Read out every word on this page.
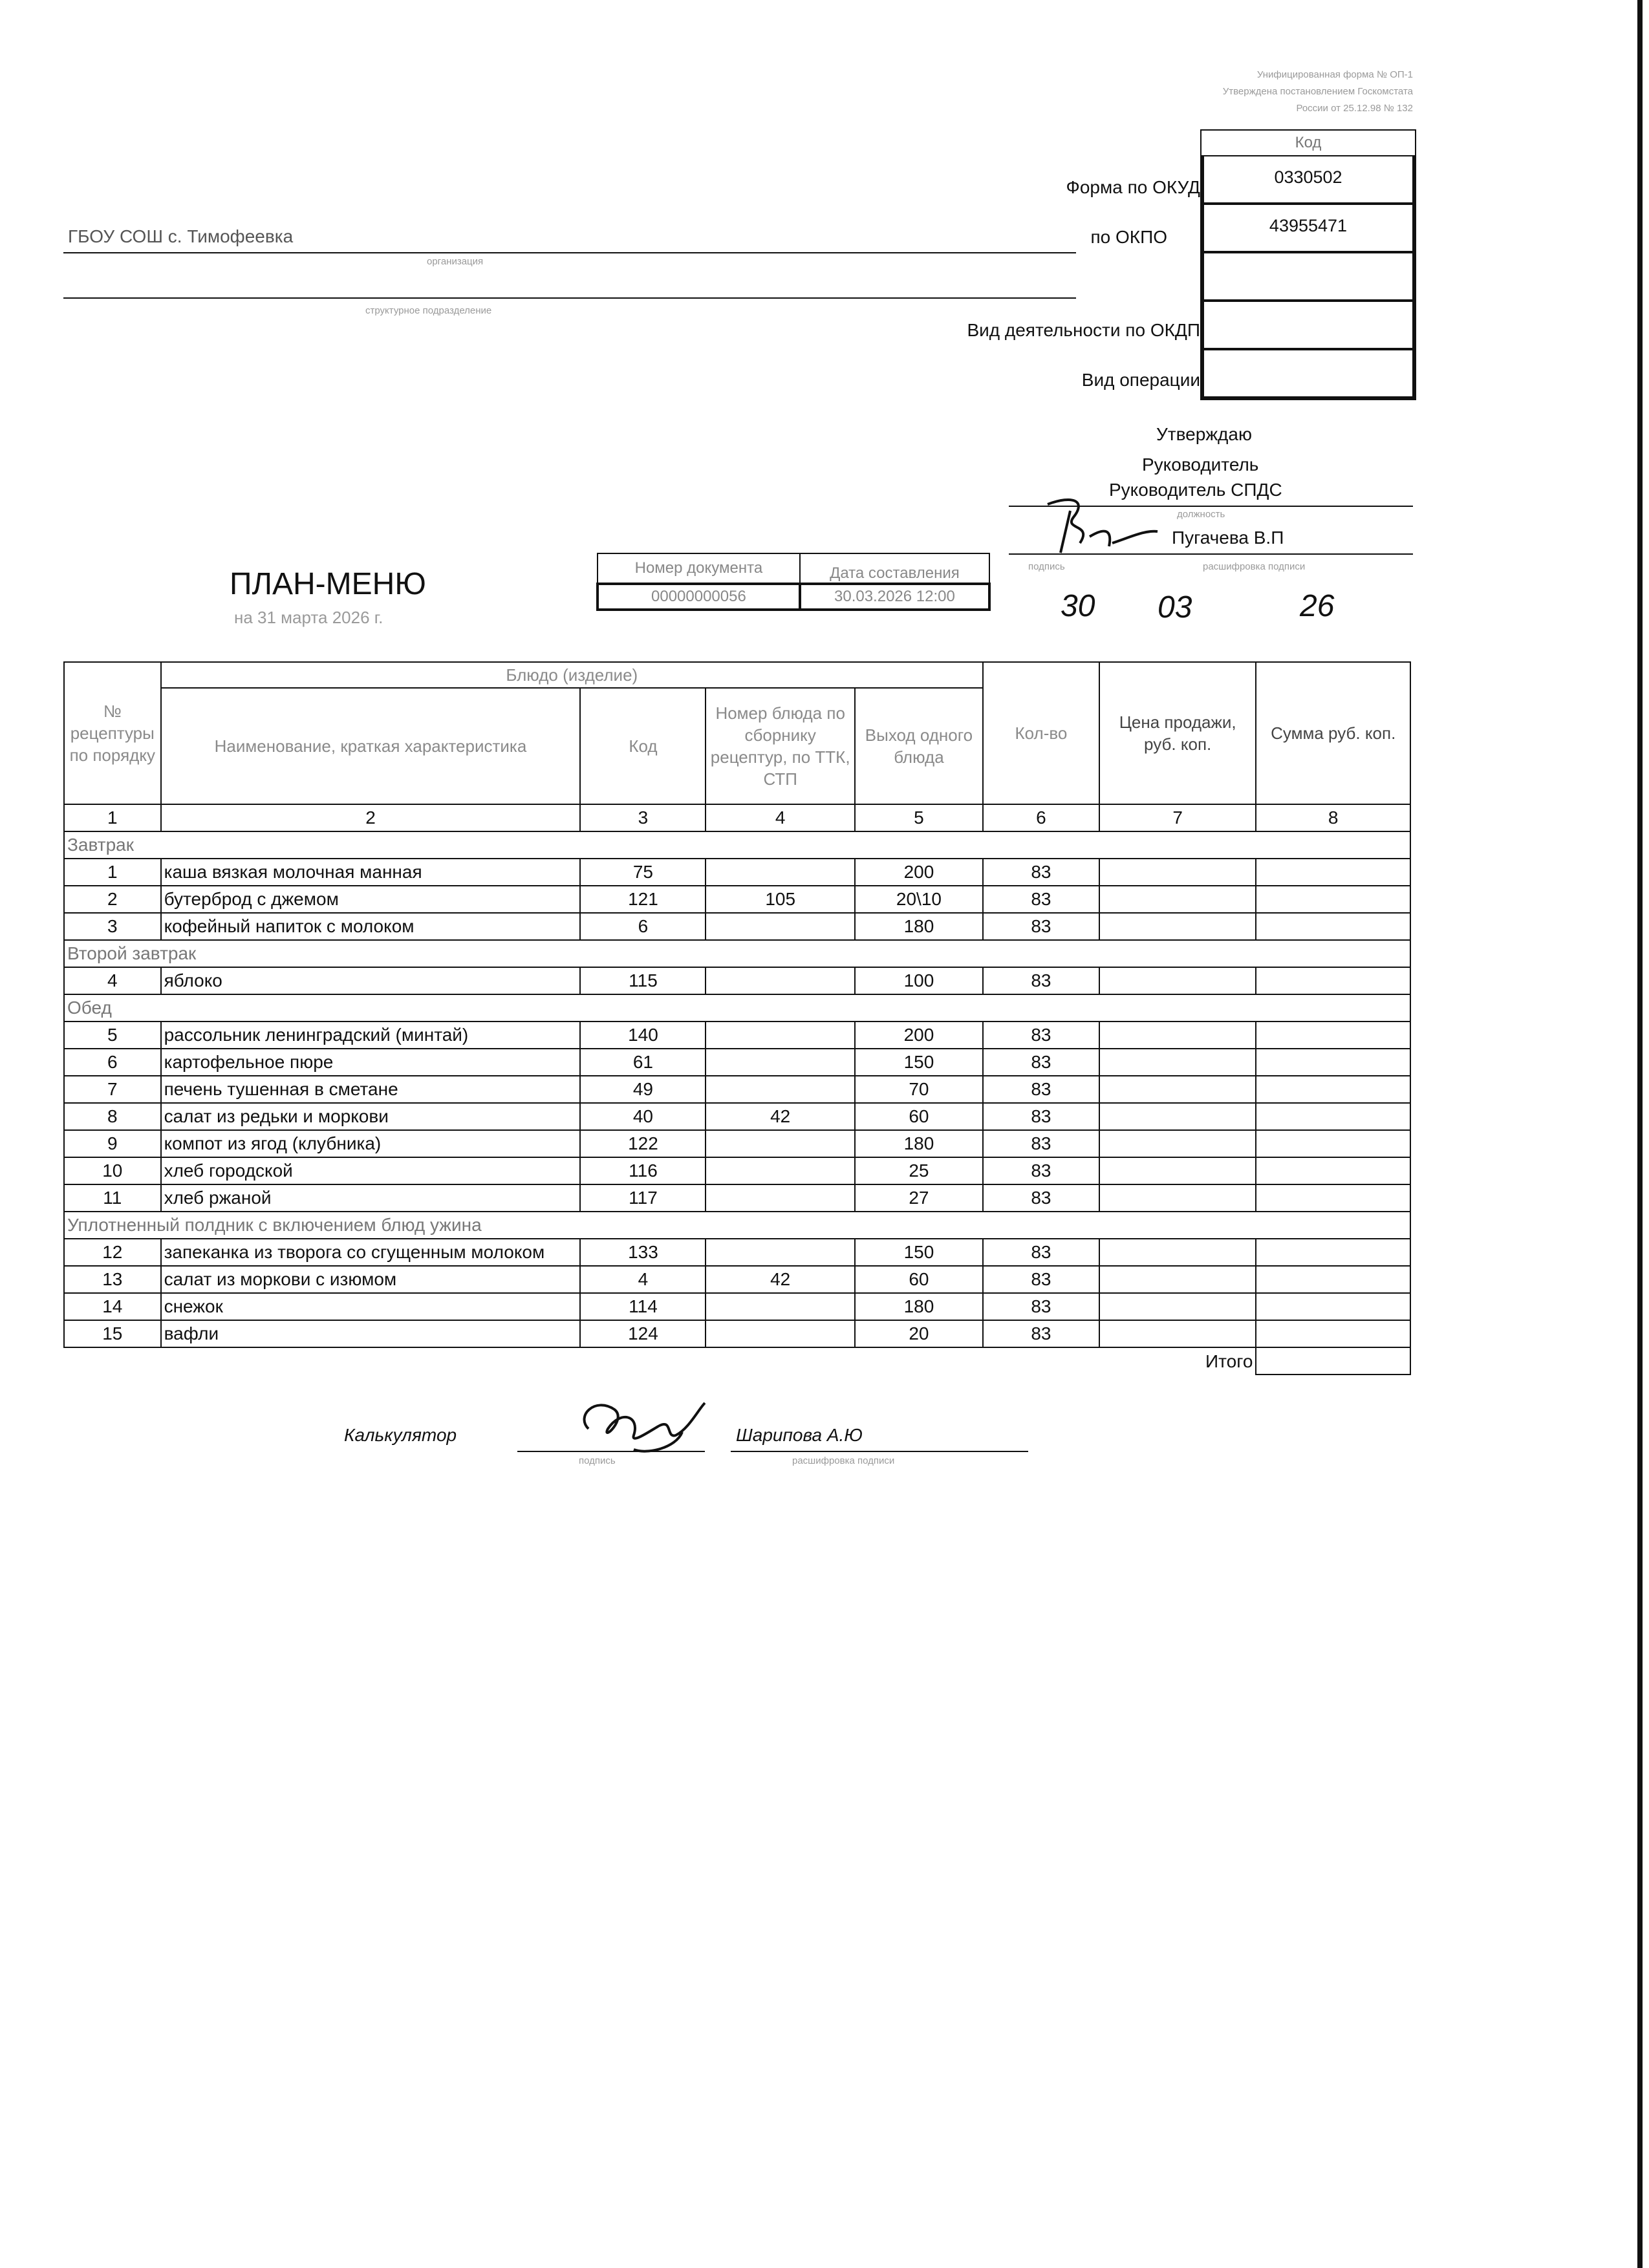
Унифицированная форма № ОП-1
Утверждена постановлением Госкомстата
России от 25.12.98 № 132
Код
0330502
43955471
Форма по ОКУД
по ОКПО
Вид деятельности по ОКДП
Вид операции
ГБОУ СОШ с. Тимофеевка
организация
структурное подразделение
Утверждаю
Руководитель
Руководитель СПДС
должность
Пугачева В.П
подпись	расшифровка подписи
30 03	26
ПЛАН-МЕНЮ
на 31 марта 2026 г.
Номер документа	Дата составления
00000000056	30.03.2026 12:00
№ рецептуры по порядку	Блюдо (изделие)				Кол-во	Цена продажи, руб. коп.	Сумма руб. коп.
	Наименование, краткая характеристика	Код	Номер блюда по сборнику рецептур, по ТТК, СТП	Выход одного блюда			
1	2	3	4	5	6	7	8
Завтрак							
1	каша вязкая молочная манная	75		200	83		
2	бутерброд с джемом	121	105	20\10	83		
3	кофейный напиток с молоком	6		180	83		
Второй завтрак							
4	яблоко	115		100	83		
Обед							
5	рассольник ленинградский (минтай)	140		200	83		
6	картофельное пюре	61		150	83		
7	печень тушенная в сметане	49		70	83		
8	салат из редьки и моркови	40	42	60	83		
9	компот из ягод (клубника)	122		180	83		
10	хлеб городской	116		25	83		
11	хлеб ржаной	117		27	83		
Уплотненный полдник с включением блюд ужина							
12	запеканка из творога со сгущенным молоком	133		150	83		
13	салат из моркови с изюмом	4	42	60	83		
14	снежок	114		180	83		
15	вафли	124		20	83		
Итого							
Калькулятор
подпись
Шарипова А.Ю
расшифровка подписи
